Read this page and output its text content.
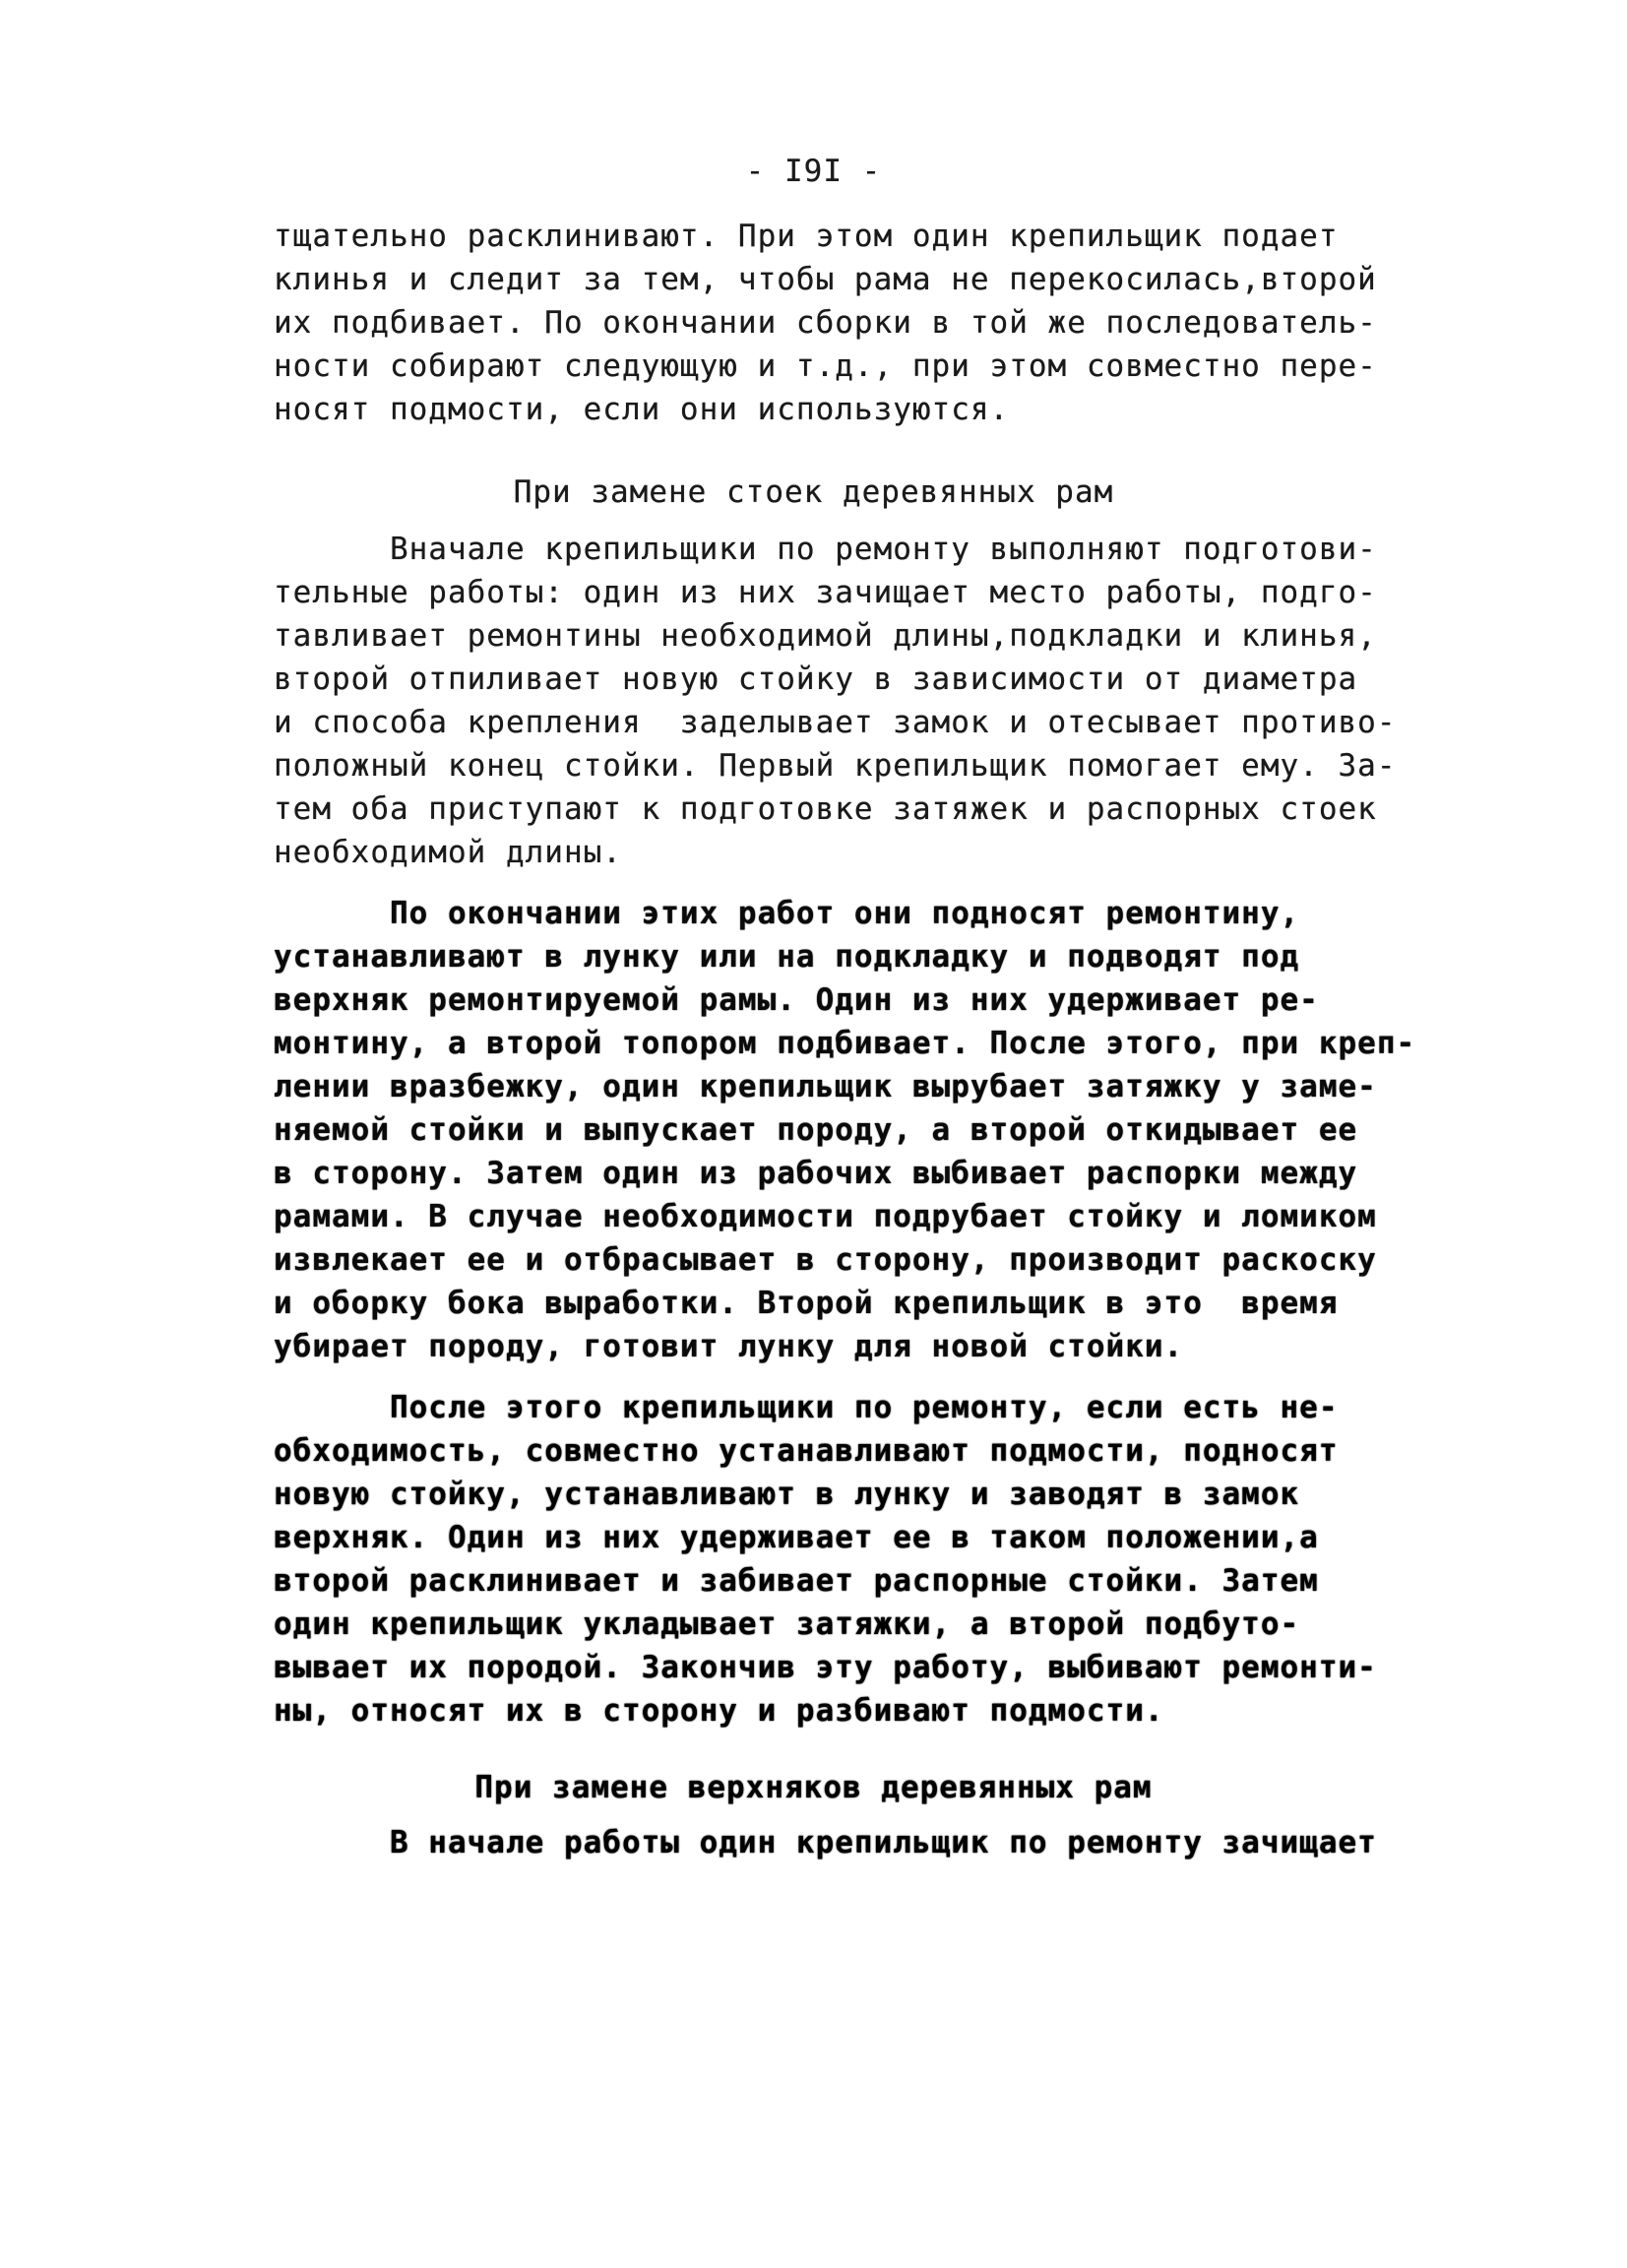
- I9I -
тщательно расклинивают. При этом один крепильщик подает
клинья и следит за тем, чтобы рама не перекосилась,второй
их подбивает. По окончании сборки в той же последователь-
ности собирают следующую и т.д., при этом совместно пере-
носят подмости, если они используются.
При замене стоек деревянных рам
Вначале крепильщики по ремонту выполняют подготови-
тельные работы: один из них зачищает место работы, подго-
тавливает ремонтины необходимой длины,подкладки и клинья,
второй отпиливает новую стойку в зависимости от диаметра
и способа крепления  заделывает замок и отесывает противо-
положный конец стойки. Первый крепильщик помогает ему. За-
тем оба приступают к подготовке затяжек и распорных стоек
необходимой длины.
По окончании этих работ они подносят ремонтину,
устанавливают в лунку или на подкладку и подводят под
верхняк ремонтируемой рамы. Один из них удерживает ре-
монтину, а второй топором подбивает. После этого, при креп-
лении вразбежку, один крепильщик вырубает затяжку у заме-
няемой стойки и выпускает породу, а второй откидывает ее
в сторону. Затем один из рабочих выбивает распорки между
рамами. В случае необходимости подрубает стойку и ломиком
извлекает ее и отбрасывает в сторону, производит раскоску
и оборку бока выработки. Второй крепильщик в это  время
убирает породу, готовит лунку для новой стойки.
После этого крепильщики по ремонту, если есть не-
обходимость, совместно устанавливают подмости, подносят
новую стойку, устанавливают в лунку и заводят в замок
верхняк. Один из них удерживает ее в таком положении,а
второй расклинивает и забивает распорные стойки. Затем
один крепильщик укладывает затяжки, а второй подбуто-
вывает их породой. Закончив эту работу, выбивают ремонти-
ны, относят их в сторону и разбивают подмости.
При замене верхняков деревянных рам
В начале работы один крепильщик по ремонту зачищает
